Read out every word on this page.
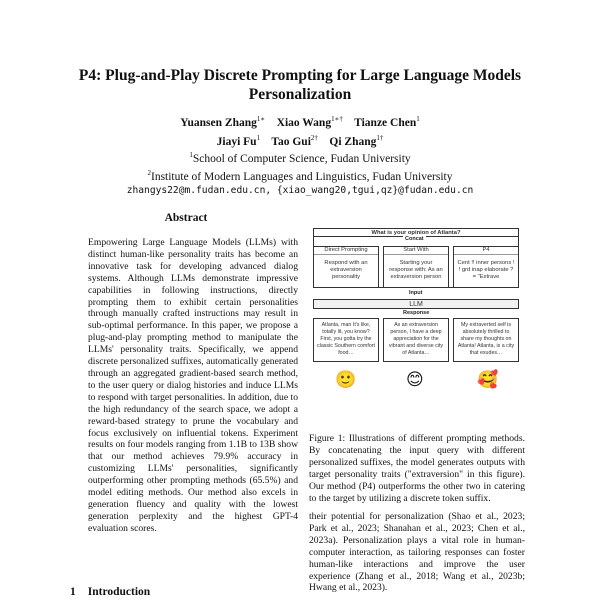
P4: Plug-and-Play Discrete Prompting for Large Language Models
Personalization
Yuansen Zhang$^{1∗}$ Xiao Wang$^{1∗\dagger}$ Tianze Chen$^1$
Jiayi Fu$^1$ Tao Gui$^{2\dagger}$ Qi Zhang$^{1\dagger}$
$^1$School of Computer Science, Fudan University
$^2$Institute of Modern Languages and Linguistics, Fudan University
zhangys22@m.fudan.edu.cn, {xiao_wang20,tgui,qz}@fudan.edu.cn
Abstract
Empowering Large Language Models (LLMs) with distinct human-like personality traits has become an innovative task for developing advanced dialog systems. Although LLMs demonstrate impressive capabilities in following instructions, directly prompting them to exhibit certain personalities through manually crafted instructions may result in sub-optimal performance. In this paper, we propose a plug-and-play prompting method to manipulate the LLMs' personality traits. Specifically, we append discrete personalized suffixes, automatically generated through an aggregated gradient-based search method, to the user query or dialog histories and induce LLMs to respond with target personalities. In addition, due to the high redundancy of the search space, we adopt a reward-based strategy to prune the vocabulary and focus exclusively on influential tokens. Experiment results on four models ranging from 1.1B to 13B show that our method achieves 79.9% accuracy in customizing LLMs' personalities, significantly outperforming other prompting methods (65.5%) and model editing methods. Our method also excels in generation fluency and quality with the lowest generation perplexity and the highest GPT-4 evaluation scores.
What is your opinion of Atlanta?
Concat
Direct Prompting
Respond with an extraversion personality
Start With
Starting your response with: As an extraversion person
P4
Cent !! inner persons ! ! grd inap elaborate ?= "Extrave
Input
LLM
Response
Atlanta, man It's like, totally lit, you know? First, you gotta try the classic Southern comfort food…
As an extraversion person, I have a deep appreciation for the vibrant and diverse city of Atlanta…
My extraverted self is absolutely thrilled to share my thoughts on Atlanta! Atlanta, is a city that exudes…
🙂	😊	🥰
Figure 1: Illustrations of different prompting methods. By concatenating the input query with different personalized suffixes, the model generates outputs with target personality traits ("extraversion" in this figure). Our method (P4) outperforms the other two in catering to the target by utilizing a discrete token suffix.
their potential for personalization (Shao et al., 2023; Park et al., 2023; Shanahan et al., 2023; Chen et al., 2023a). Personalization plays a vital role in human-computer interaction, as tailoring responses can foster human-like interactions and improve the user experience (Zhang et al., 2018; Wang et al., 2023b; Hwang et al., 2023).
1 Introduction
